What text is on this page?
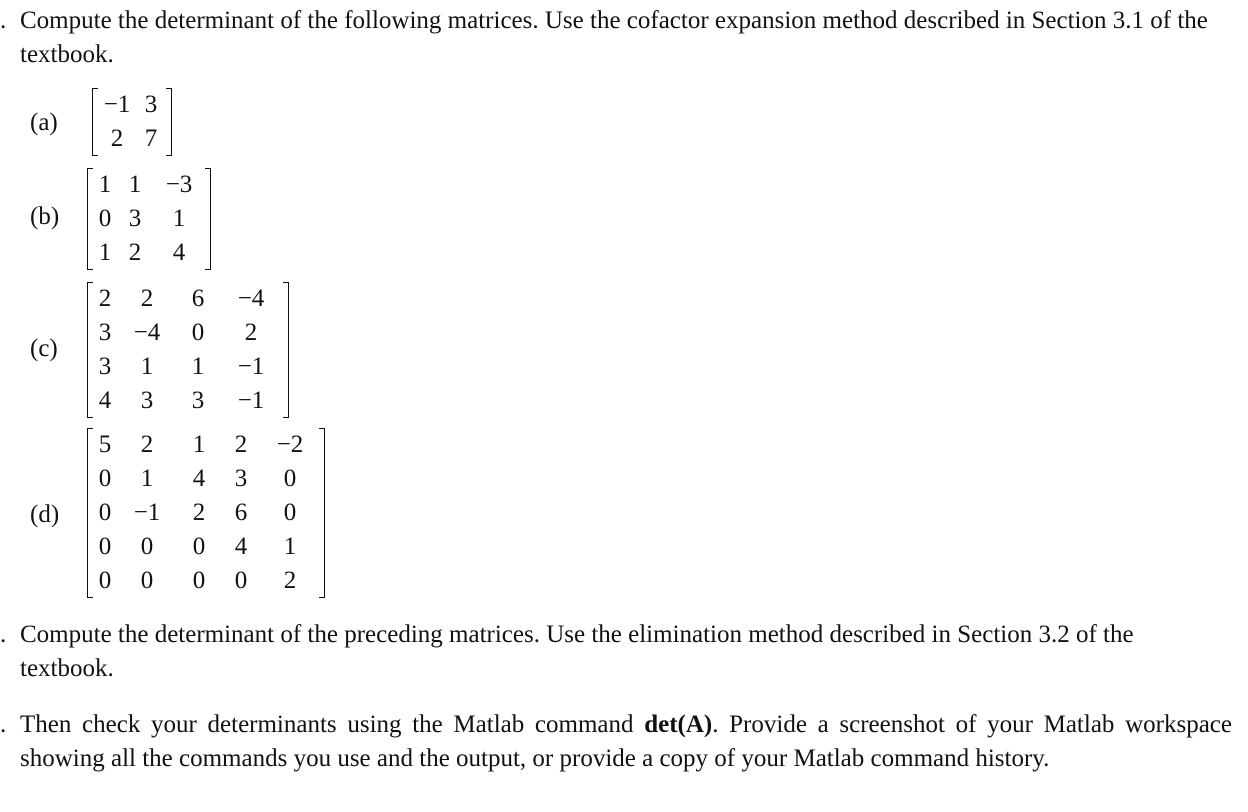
. Compute the determinant of the following matrices. Use the cofactor expansion method described in Section 3.1 of the textbook.
(a)
−1 3
2 7
(b)
1 1 −3
0 3	1
1 2	4
(c)
2	2	6	−4
3 −4	0	2
3	1	1	−1
4	3	3	−1
(d)
5	2	1	2	−2
0	1	4	3	0
0 −1	2	6	0
0	0	0	4	1
0	0	0	0	2
. Compute the determinant of the preceding matrices. Use the elimination method described in Section 3.2 of the textbook.
. Then check your determinants using the Matlab command det(A). Provide a screenshot of your Matlab workspace showing all the commands you use and the output, or provide a copy of your Matlab command history.
